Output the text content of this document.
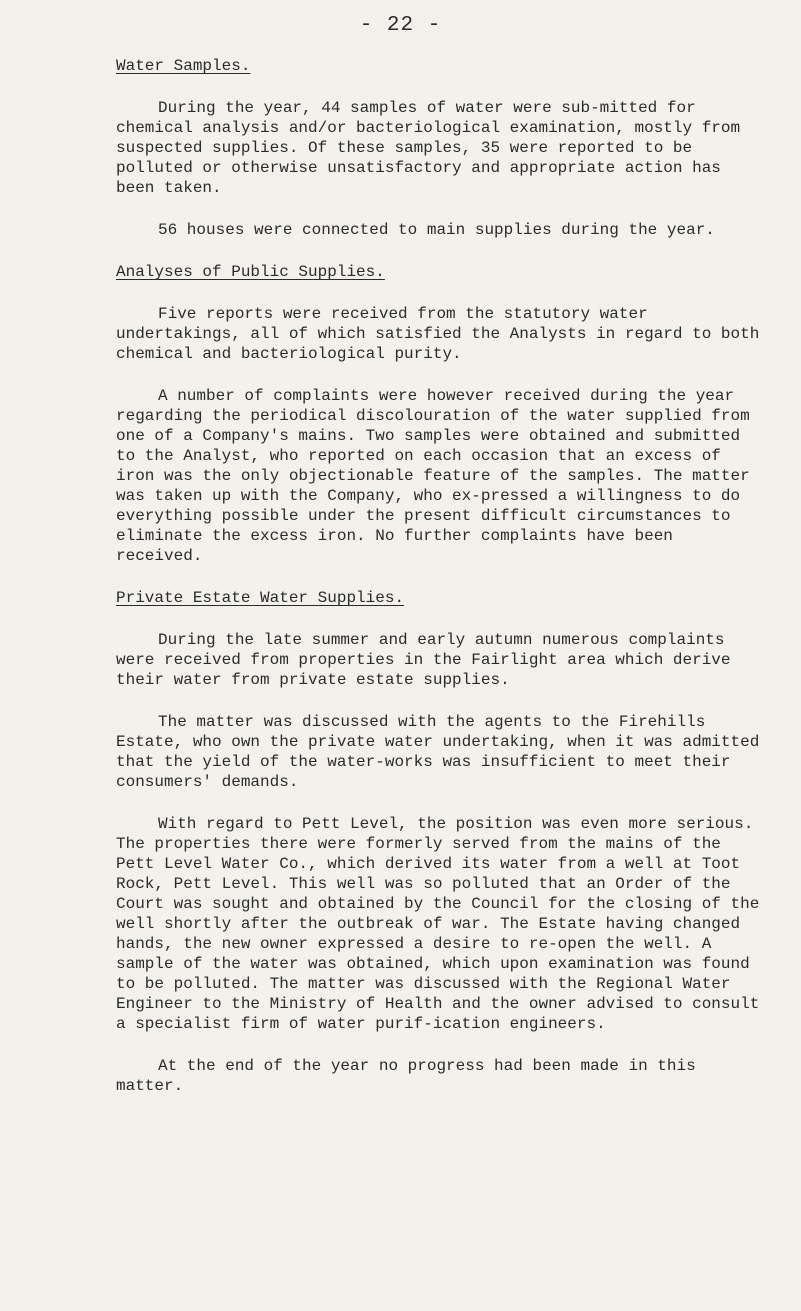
- 22 -
Water Samples.

During the year, 44 samples of water were sub-mitted for chemical analysis and/or bacteriological examination, mostly from suspected supplies. Of these samples, 35 were reported to be polluted or otherwise unsatisfactory and appropriate action has been taken.

56 houses were connected to main supplies during the year.

Analyses of Public Supplies.

Five reports were received from the statutory water undertakings, all of which satisfied the Analysts in regard to both chemical and bacteriological purity.

A number of complaints were however received during the year regarding the periodical discolouration of the water supplied from one of a Company's mains. Two samples were obtained and submitted to the Analyst, who reported on each occasion that an excess of iron was the only objectionable feature of the samples. The matter was taken up with the Company, who ex-pressed a willingness to do everything possible under the present difficult circumstances to eliminate the excess iron. No further complaints have been received.

Private Estate Water Supplies.

During the late summer and early autumn numerous complaints were received from properties in the Fairlight area which derive their water from private estate supplies.

The matter was discussed with the agents to the Firehills Estate, who own the private water undertaking, when it was admitted that the yield of the water-works was insufficient to meet their consumers' demands.

With regard to Pett Level, the position was even more serious. The properties there were formerly served from the mains of the Pett Level Water Co., which derived its water from a well at Toot Rock, Pett Level. This well was so polluted that an Order of the Court was sought and obtained by the Council for the closing of the well shortly after the outbreak of war. The Estate having changed hands, the new owner expressed a desire to re-open the well. A sample of the water was obtained, which upon examination was found to be polluted. The matter was discussed with the Regional Water Engineer to the Ministry of Health and the owner advised to consult a specialist firm of water purif-ication engineers.

At the end of the year no progress had been made in this matter.
